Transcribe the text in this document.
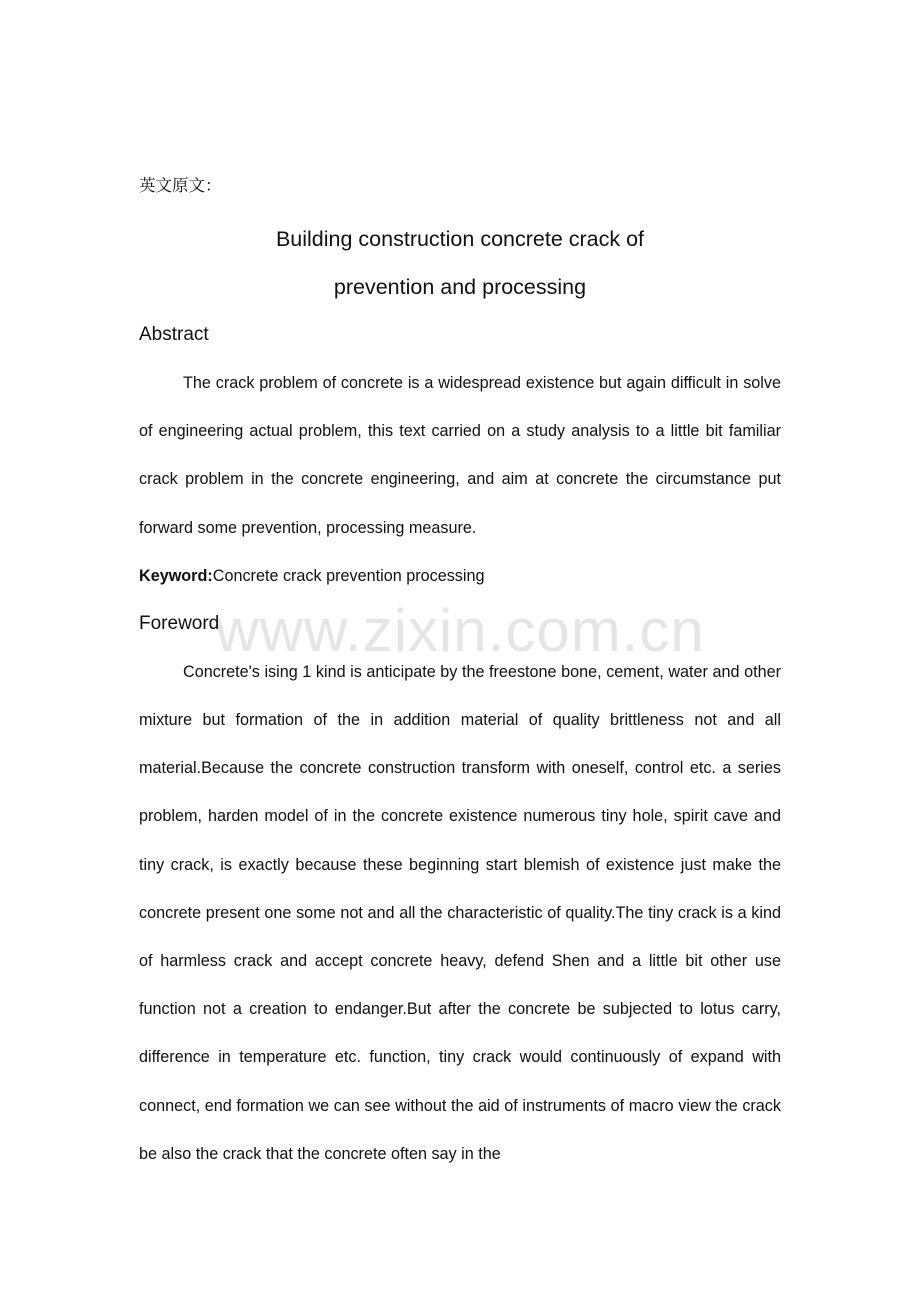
www.zixin.com.cn

英文原文：

Building construction concrete crack of
prevention and processing
Abstract

The crack problem of concrete is a widespread existence but again difficult in solve of engineering actual problem, this text carried on a study analysis to a little bit familiar crack problem in the concrete engineering, and aim at concrete the circumstance put forward some prevention, processing measure.

Keyword:Concrete crack prevention processing

Foreword

Concrete's ising 1 kind is anticipate by the freestone bone, cement, water and other mixture but formation of the in addition material of quality brittleness not and all material.Because the concrete construction transform with oneself, control etc. a series problem, harden model of in the concrete existence numerous tiny hole, spirit cave and tiny crack, is exactly because these beginning start blemish of existence just make the concrete present one some not and all the characteristic of quality.The tiny crack is a kind of harmless crack and accept concrete heavy, defend Shen and a little bit other use function not a creation to endanger.But after the concrete be subjected to lotus carry, difference in temperature etc. function, tiny crack would continuously of expand with connect, end formation we can see without the aid of instruments of macro view the crack be also the crack that the concrete often say in the
